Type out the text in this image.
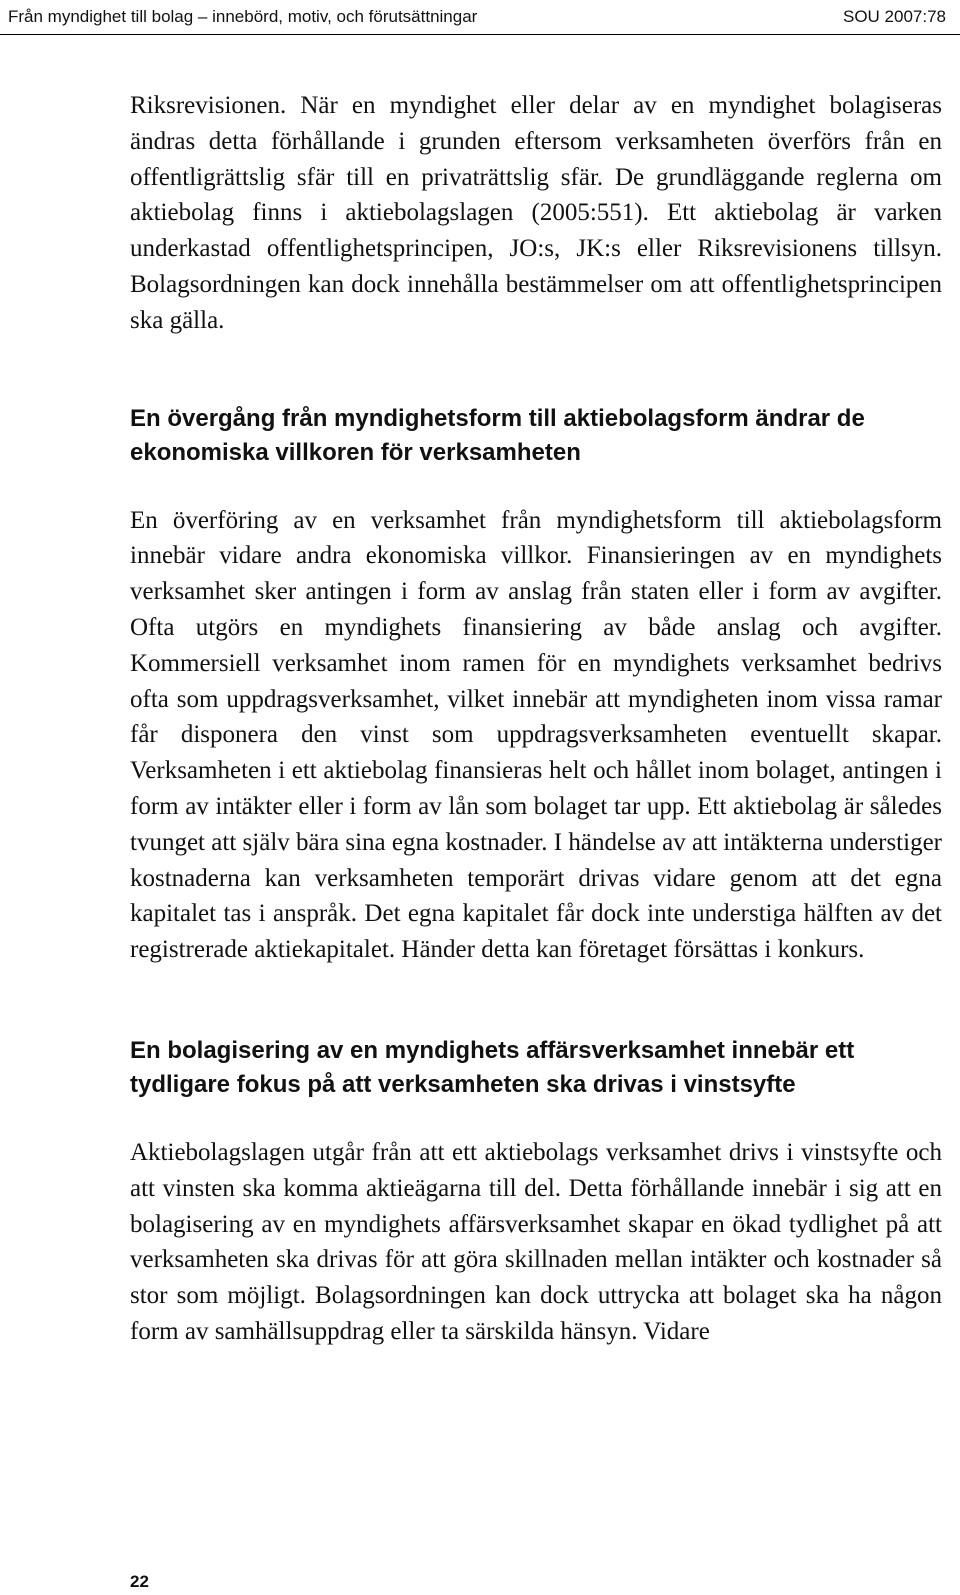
Från myndighet till bolag – innebörd, motiv, och förutsättningar	SOU 2007:78

Riksrevisionen. När en myndighet eller delar av en myndighet bolagiseras ändras detta förhållande i grunden eftersom verksamheten överförs från en offentligrättslig sfär till en privaträttslig sfär. De grundläggande reglerna om aktiebolag finns i aktiebolagslagen (2005:551). Ett aktiebolag är varken underkastad offentlighetsprincipen, JO:s, JK:s eller Riksrevisionens tillsyn. Bolagsordningen kan dock innehålla bestämmelser om att offentlighetsprincipen ska gälla.

En övergång från myndighetsform till aktiebolagsform ändrar de ekonomiska villkoren för verksamheten

En överföring av en verksamhet från myndighetsform till aktiebolagsform innebär vidare andra ekonomiska villkor. Finansieringen av en myndighets verksamhet sker antingen i form av anslag från staten eller i form av avgifter. Ofta utgörs en myndighets finansiering av både anslag och avgifter. Kommersiell verksamhet inom ramen för en myndighets verksamhet bedrivs ofta som uppdragsverksamhet, vilket innebär att myndigheten inom vissa ramar får disponera den vinst som uppdragsverksamheten eventuellt skapar. Verksamheten i ett aktiebolag finansieras helt och hållet inom bolaget, antingen i form av intäkter eller i form av lån som bolaget tar upp. Ett aktiebolag är således tvunget att själv bära sina egna kostnader. I händelse av att intäkterna understiger kostnaderna kan verksamheten temporärt drivas vidare genom att det egna kapitalet tas i anspråk. Det egna kapitalet får dock inte understiga hälften av det registrerade aktiekapitalet. Händer detta kan företaget försättas i konkurs.

En bolagisering av en myndighets affärsverksamhet innebär ett tydligare fokus på att verksamheten ska drivas i vinstsyfte

Aktiebolagslagen utgår från att ett aktiebolags verksamhet drivs i vinstsyfte och att vinsten ska komma aktieägarna till del. Detta förhållande innebär i sig att en bolagisering av en myndighets affärsverksamhet skapar en ökad tydlighet på att verksamheten ska drivas för att göra skillnaden mellan intäkter och kostnader så stor som möjligt. Bolagsordningen kan dock uttrycka att bolaget ska ha någon form av samhällsuppdrag eller ta särskilda hänsyn. Vidare

22
